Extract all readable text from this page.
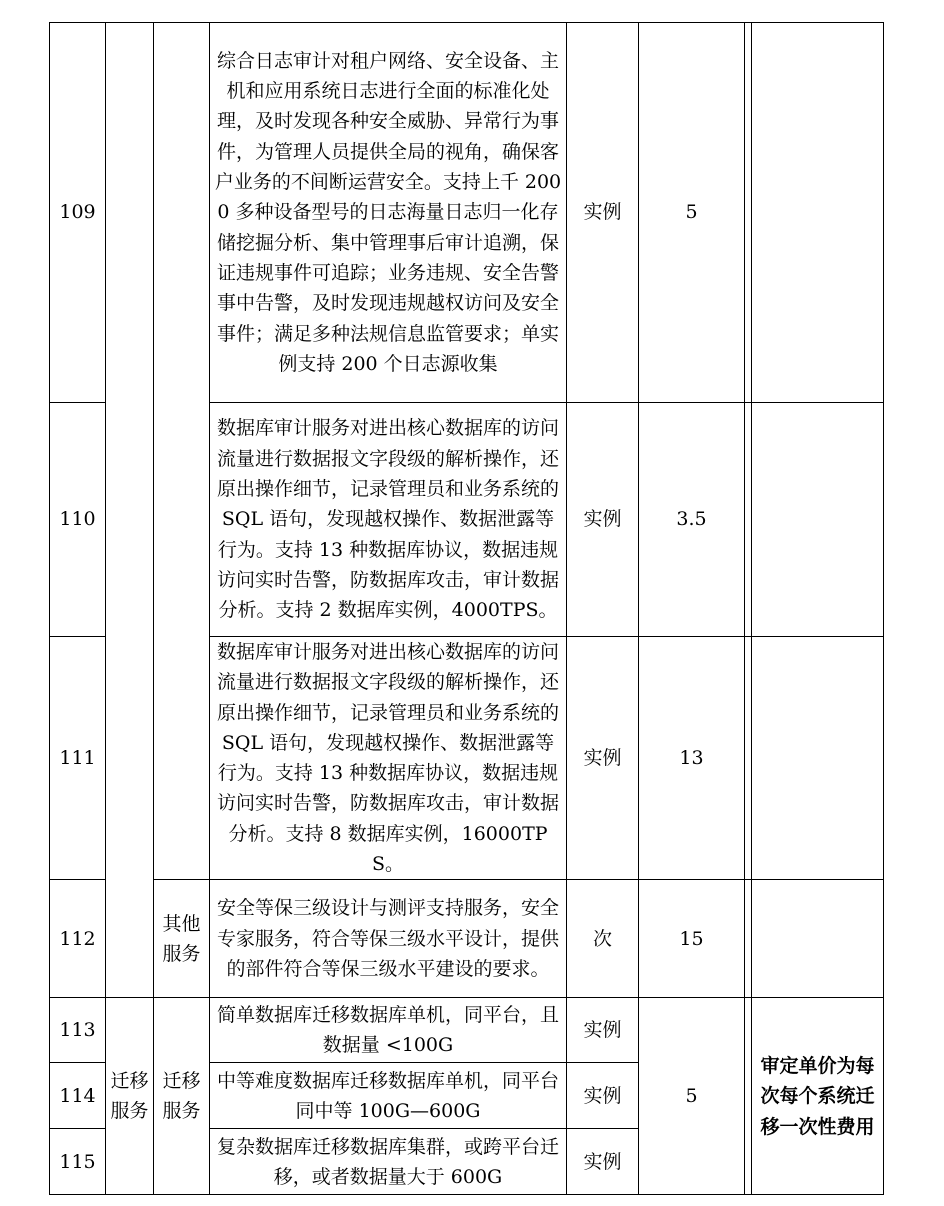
109			综合日志审计对租户网络、安全设备、主机和应用系统日志进行全面的标准化处理，及时发现各种安全威胁、异常行为事件，为管理人员提供全局的视角，确保客户业务的不间断运营安全。支持上千 2000 多种设备型号的日志海量日志归一化存储挖掘分析、集中管理事后审计追溯，保证违规事件可追踪；业务违规、安全告警事中告警，及时发现违规越权访问及安全事件；满足多种法规信息监管要求；单实例支持 200 个日志源收集	实例	5		
110			数据库审计服务对进出核心数据库的访问流量进行数据报文字段级的解析操作，还原出操作细节，记录管理员和业务系统的 SQL 语句，发现越权操作、数据泄露等行为。支持 13 种数据库协议，数据违规访问实时告警，防数据库攻击，审计数据分析。支持 2 数据库实例，4000TPS。	实例	3.5		
111			数据库审计服务对进出核心数据库的访问流量进行数据报文字段级的解析操作，还原出操作细节，记录管理员和业务系统的 SQL 语句，发现越权操作、数据泄露等行为。支持 13 种数据库协议，数据违规访问实时告警，防数据库攻击，审计数据分析。支持 8 数据库实例，16000TPS。	实例	13		
112		其他服务	安全等保三级设计与测评支持服务，安全专家服务，符合等保三级水平设计，提供的部件符合等保三级水平建设的要求。	次	15		
113	迁移服务	迁移服务	简单数据库迁移数据库单机，同平台，且数据量 <100G	实例	5		审定单价为每次每个系统迁移一次性费用
114			中等难度数据库迁移数据库单机，同平台同中等 100G—600G	实例			
115			复杂数据库迁移数据库集群，或跨平台迁移，或者数据量大于 600G	实例			
